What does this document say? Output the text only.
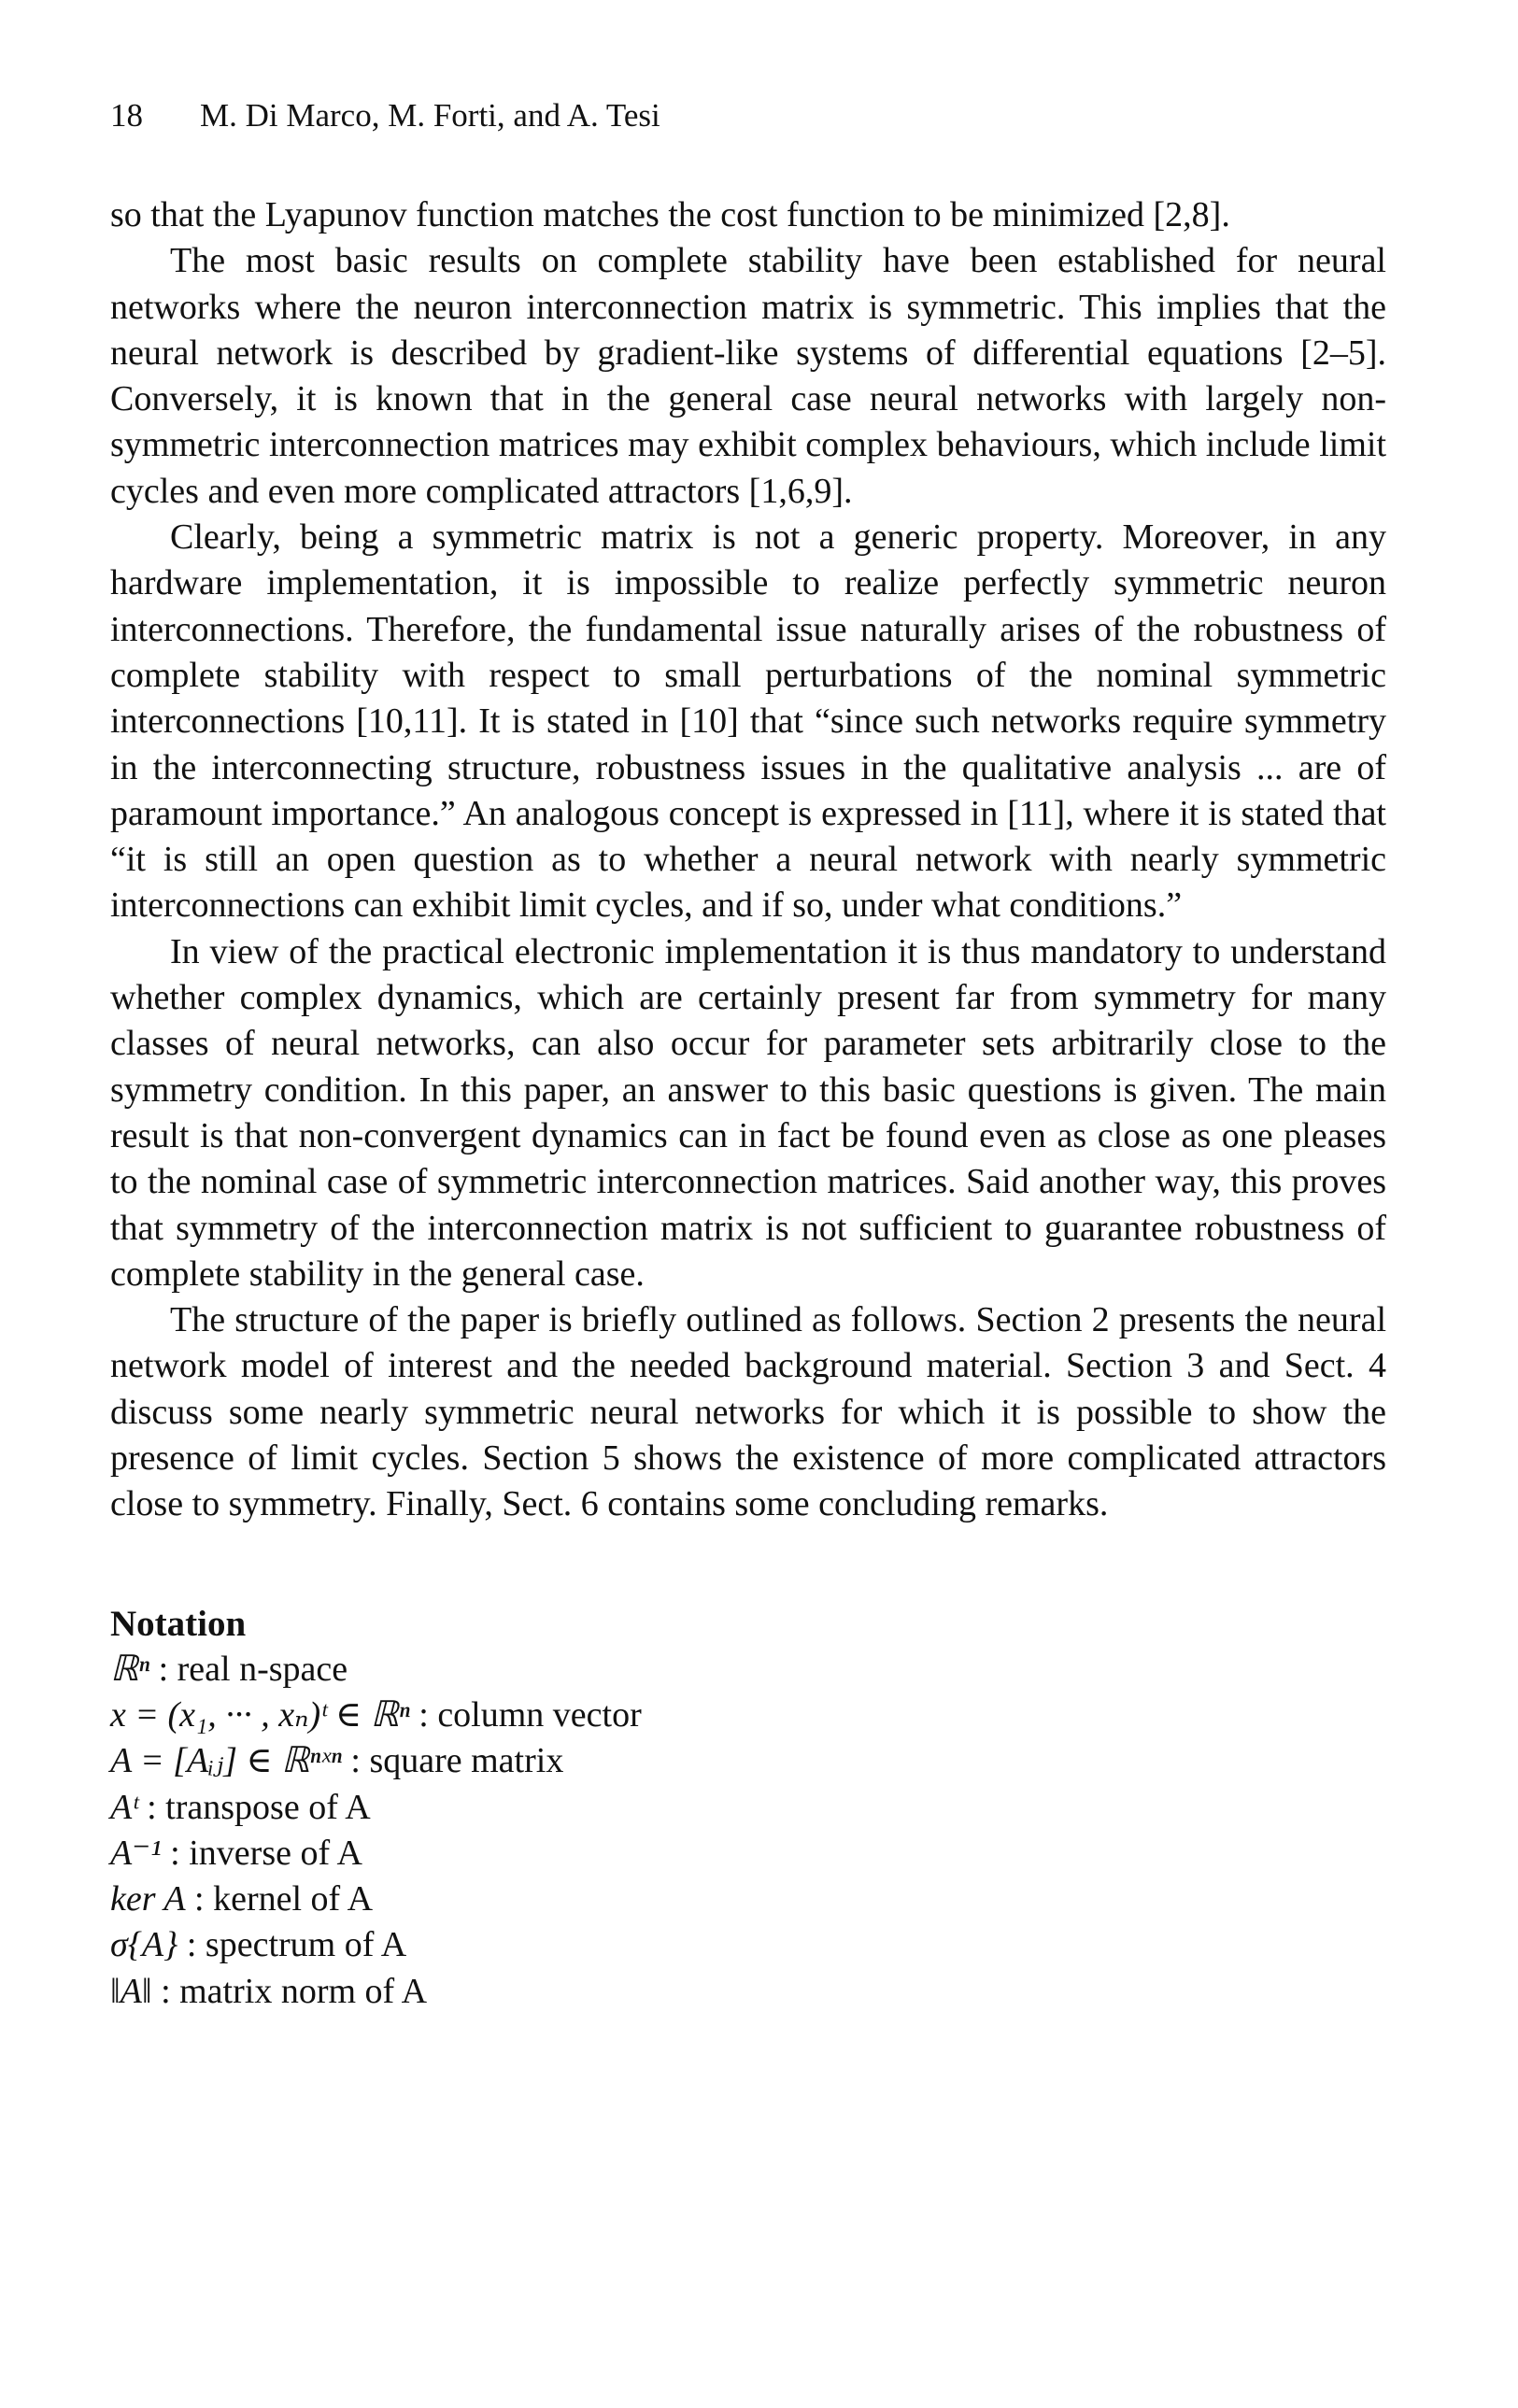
18 M. Di Marco, M. Forti, and A. Tesi

so that the Lyapunov function matches the cost function to be minimized [2,8].

The most basic results on complete stability have been established for neural networks where the neuron interconnection matrix is symmetric. This implies that the neural network is described by gradient-like systems of differential equations [2–5]. Conversely, it is known that in the general case neural networks with largely non-symmetric interconnection matrices may exhibit complex behaviours, which include limit cycles and even more complicated attractors [1,6,9].

Clearly, being a symmetric matrix is not a generic property. Moreover, in any hardware implementation, it is impossible to realize perfectly symmetric neuron interconnections. Therefore, the fundamental issue naturally arises of the robustness of complete stability with respect to small perturbations of the nominal symmetric interconnections [10,11]. It is stated in [10] that “since such networks require symmetry in the interconnecting structure, robustness issues in the qualitative analysis ... are of paramount importance.” An analogous concept is expressed in [11], where it is stated that “it is still an open question as to whether a neural network with nearly symmetric interconnections can exhibit limit cycles, and if so, under what conditions.”

In view of the practical electronic implementation it is thus mandatory to understand whether complex dynamics, which are certainly present far from symmetry for many classes of neural networks, can also occur for parameter sets arbitrarily close to the symmetry condition. In this paper, an answer to this basic questions is given. The main result is that non-convergent dynamics can in fact be found even as close as one pleases to the nominal case of symmetric interconnection matrices. Said another way, this proves that symmetry of the interconnection matrix is not sufficient to guarantee robustness of complete stability in the general case.

The structure of the paper is briefly outlined as follows. Section 2 presents the neural network model of interest and the needed background material. Section 3 and Sect. 4 discuss some nearly symmetric neural networks for which it is possible to show the presence of limit cycles. Section 5 shows the existence of more complicated attractors close to symmetry. Finally, Sect. 6 contains some concluding remarks.

Notation

ℝⁿ : real n-space

x = (x₁, ··· , xₙ)ᵗ ∈ ℝⁿ : column vector

A = [Aᵢⱼ] ∈ ℝⁿˣⁿ : square matrix

Aᵗ : transpose of A

A⁻¹ : inverse of A

ker A : kernel of A

σ{A} : spectrum of A

‖A‖ : matrix norm of A
